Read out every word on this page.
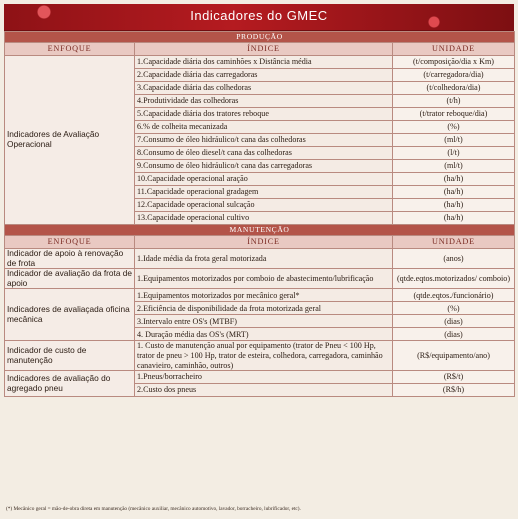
Indicadores do GMEC
PRODUÇÃO		
ENFOQUE	ÍNDICE	UNIDADE
Indicadores de Avaliação Operacional	1.Capacidade diária dos caminhões x Distância média	(t/composição/dia x Km)
	2.Capacidade diária das carregadoras	(t/carregadora/dia)
	3.Capacidade diária das colhedoras	(t/colhedora/dia)
	4.Produtividade das colhedoras	(t/h)
	5.Capacidade diária dos tratores reboque	(t/trator reboque/dia)
	6.% de colheita mecanizada	(%)
	7.Consumo de óleo hidráulico/t cana das colhedoras	(ml/t)
	8.Consumo de óleo diesel/t cana das colhedoras	(l/t)
	9.Consumo de óleo hidráulico/t cana das carregadoras	(ml/t)
	10.Capacidade operacional aração	(ha/h)
	11.Capacidade operacional gradagem	(ha/h)
	12.Capacidade operacional sulcação	(ha/h)
	13.Capacidade operacional cultivo	(ha/h)
MANUTENÇÃO		
ENFOQUE	ÍNDICE	UNIDADE
Indicador de apoio à renovação de frota	1.Idade média da frota geral motorizada	(anos)
Indicador de avaliação da frota de apoio	1.Equipamentos motorizados por comboio de abastecimento/lubrificação	(qtde.eqtos.motorizados/ comboio)
Indicadores de avaliaçada oficina mecânica	1.Equipamentos motorizados por mecânico geral*	(qtde.eqtos./funcionário)
	2.Eficiência de disponibilidade da frota motorizada geral	(%)
	3.Intervalo entre OS's (MTBF)	(dias)
	4. Duração média das OS's (MRT)	(dias)
Indicador de custo de manutenção	1. Custo de manutenção anual por equipamento (trator de Pneu < 100 Hp, trator de pneu > 100 Hp, trator de esteira, colhedora, carregadora, caminhão canavieiro, caminhão, outros)	(R$/equipamento/ano)
Indicadores de avaliação do agregado pneu	1.Pneus/borracheiro	(R$/t)
	2.Custo dos pneus	(R$/h)
(*) Mecânico geral = mão-de-obra direta em manutenção (mecânico auxiliar, mecânico automotivo, lavador, borracheiro, lubrificador, etc).
